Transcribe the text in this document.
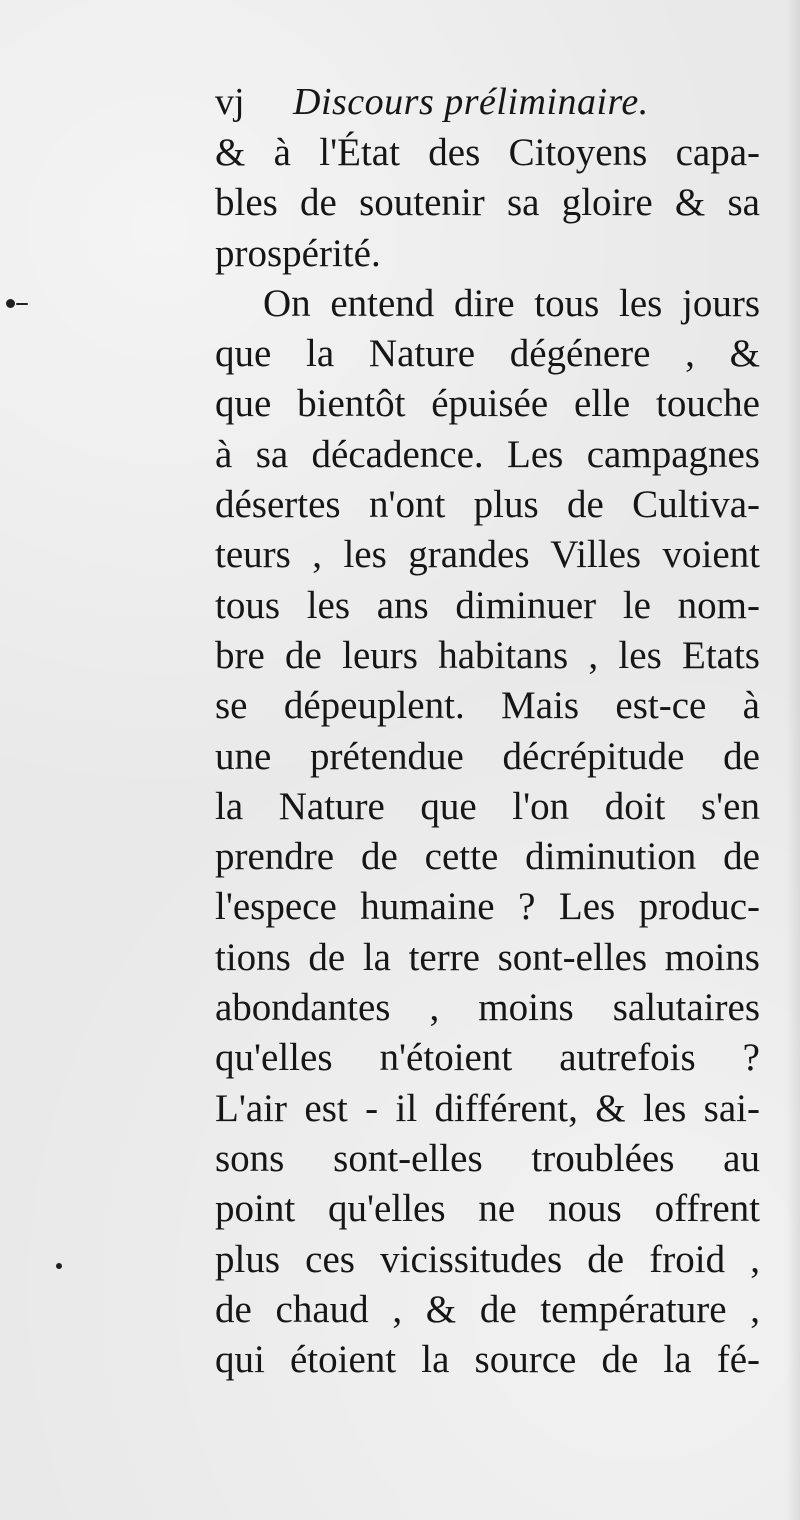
vj Discours préliminaire.
& à l'État des Citoyens capa-
bles de soutenir sa gloire & sa
prospérité.
On entend dire tous les jours
que la Nature dégénere , &
que bientôt épuisée elle touche
à sa décadence. Les campagnes
désertes n'ont plus de Cultiva-
teurs , les grandes Villes voient
tous les ans diminuer le nom-
bre de leurs habitans , les Etats
se dépeuplent. Mais est-ce à
une prétendue décrépitude de
la Nature que l'on doit s'en
prendre de cette diminution de
l'espece humaine ? Les produc-
tions de la terre sont-elles moins
abondantes , moins salutaires
qu'elles n'étoient autrefois ?
L'air est - il différent, & les sai-
sons sont-elles troublées au
point qu'elles ne nous offrent
plus ces vicissitudes de froid ,
de chaud , & de température ,
qui étoient la source de la fé-
